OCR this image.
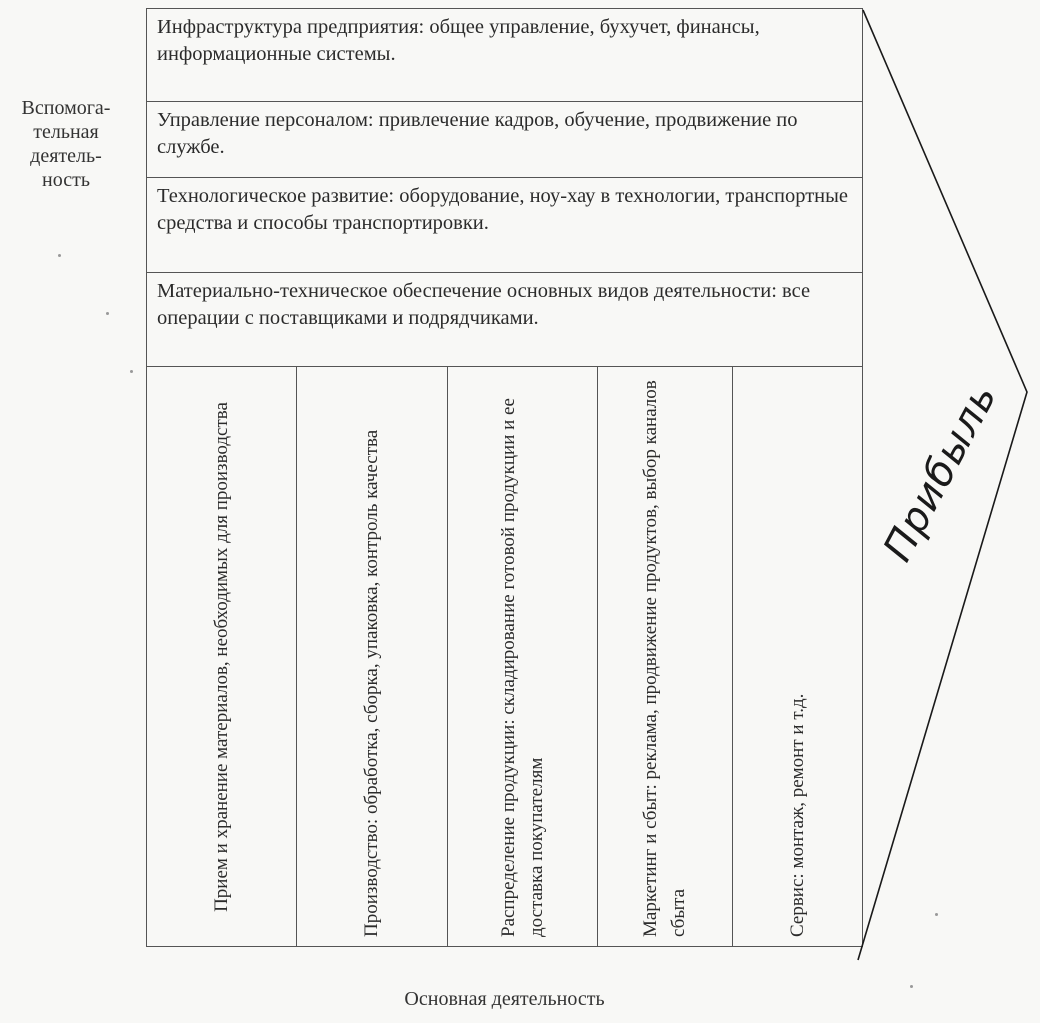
Вспомога-
тельная
деятель-
ность
Инфраструктура предприятия: общее управление, бухучет, финансы, информационные системы.
Управление персоналом: привлечение кадров, обучение, продвижение по службе.
Технологическое развитие: оборудование, ноу-хау в технологии, транспортные средства и способы транспортировки.
Материально-техническое обеспечение основных видов деятельности: все операции с поставщиками и подрядчиками.
Прием и хранение материалов, необходимых для производства	Производство: обработка, сборка, упаковка, контроль качества	Распределение продукции: складирование готовой продукции и ее доставка покупателям	Маркетинг и сбыт: реклама, продвижение продуктов, выбор каналов сбыта	Сервис: монтаж, ремонт и т.д.
Основная деятельность
Прибыль
